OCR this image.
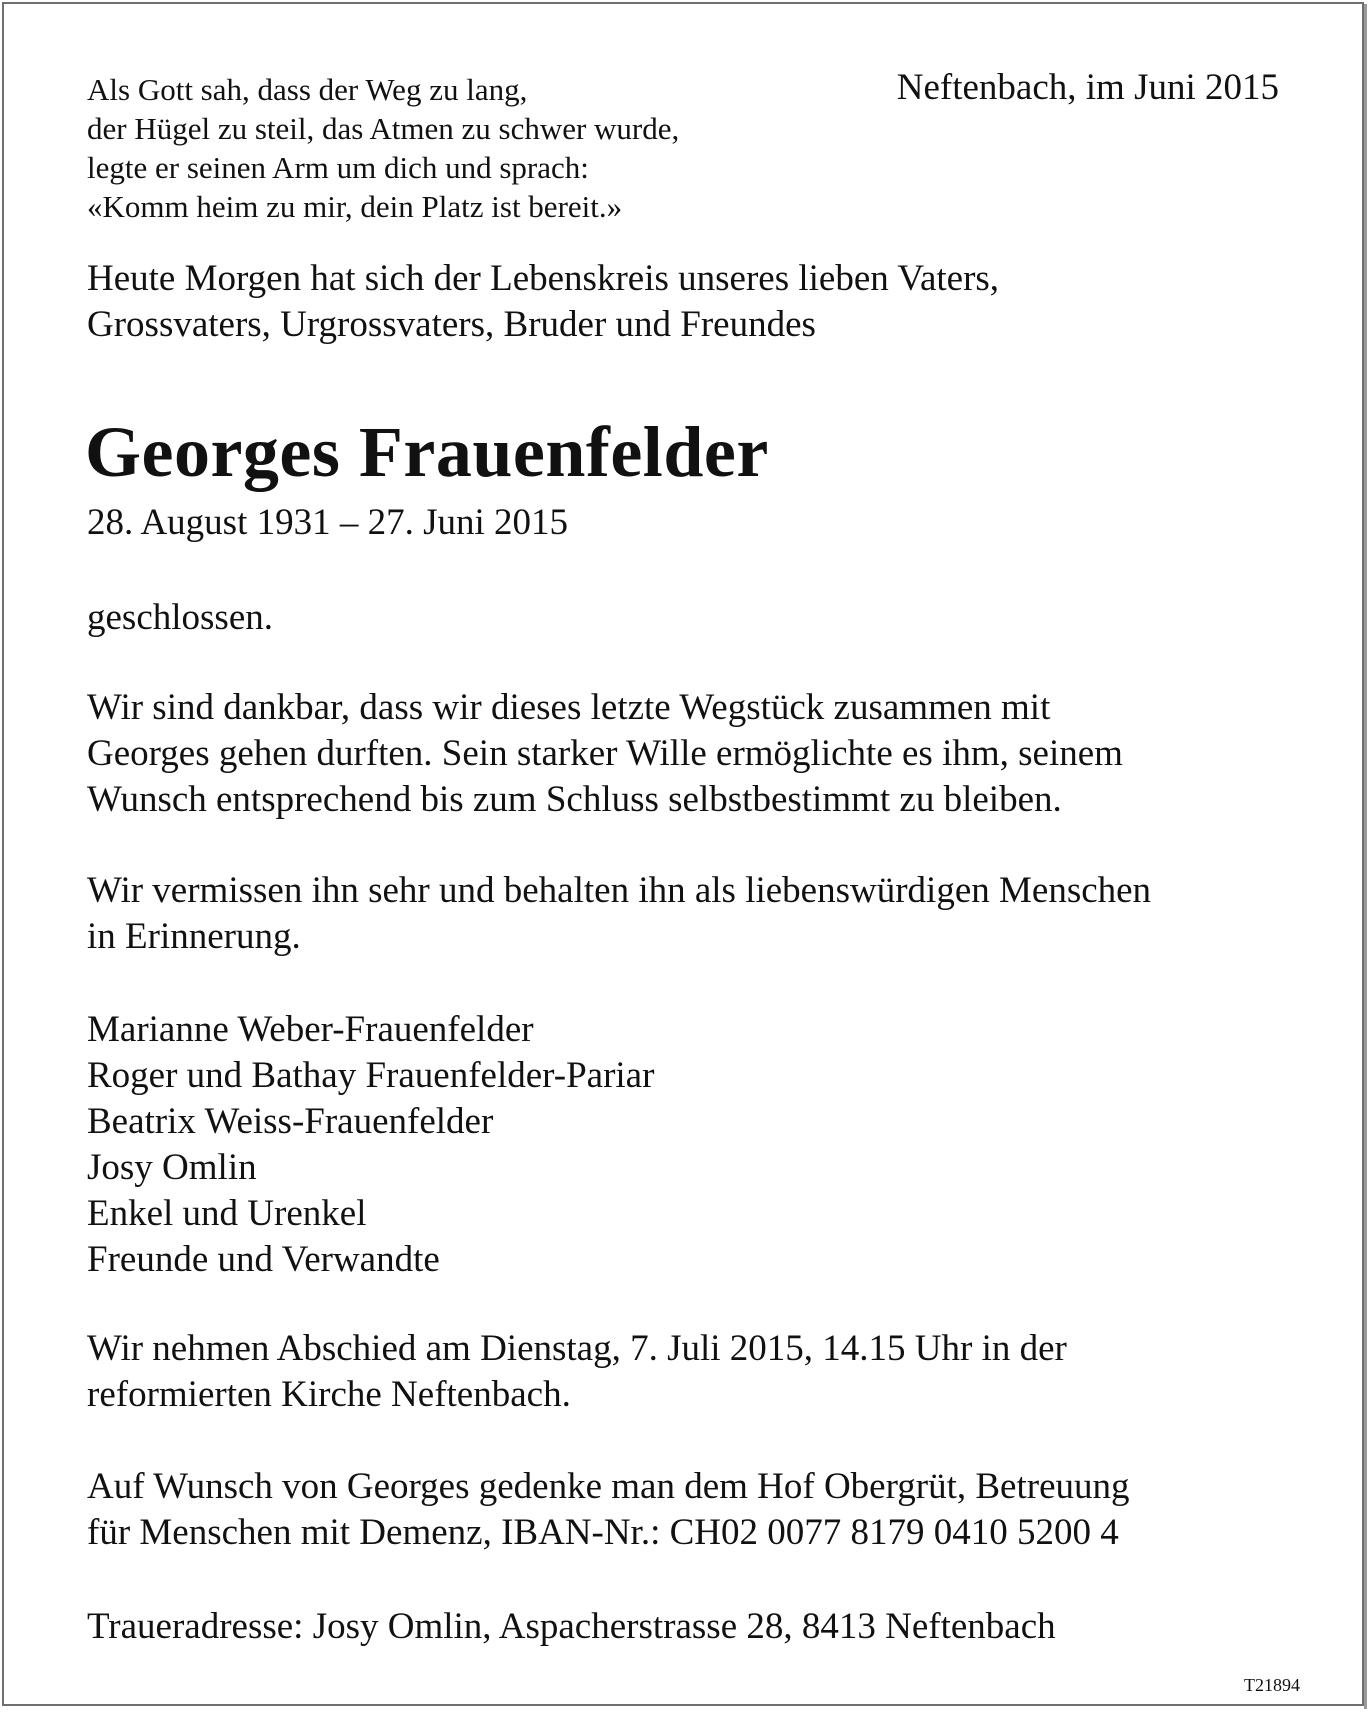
Als Gott sah, dass der Weg zu lang,
der Hügel zu steil, das Atmen zu schwer wurde,
legte er seinen Arm um dich und sprach:
«Komm heim zu mir, dein Platz ist bereit.»
Neftenbach, im Juni 2015
Heute Morgen hat sich der Lebenskreis unseres lieben Vaters,
Grossvaters, Urgrossvaters, Bruder und Freundes
Georges Frauenfelder
28. August 1931 – 27. Juni 2015
geschlossen.
Wir sind dankbar, dass wir dieses letzte Wegstück zusammen mit
Georges gehen durften. Sein starker Wille ermöglichte es ihm, seinem
Wunsch entsprechend bis zum Schluss selbstbestimmt zu bleiben.
Wir vermissen ihn sehr und behalten ihn als liebenswürdigen Menschen
in Erinnerung.
Marianne Weber-Frauenfelder
Roger und Bathay Frauenfelder-Pariar
Beatrix Weiss-Frauenfelder
Josy Omlin
Enkel und Urenkel
Freunde und Verwandte
Wir nehmen Abschied am Dienstag, 7. Juli 2015, 14.15 Uhr in der
reformierten Kirche Neftenbach.
Auf Wunsch von Georges gedenke man dem Hof Obergrüt, Betreuung
für Menschen mit Demenz, IBAN-Nr.: CH02 0077 8179 0410 5200 4
Traueradresse: Josy Omlin, Aspacherstrasse 28, 8413 Neftenbach
T21894
